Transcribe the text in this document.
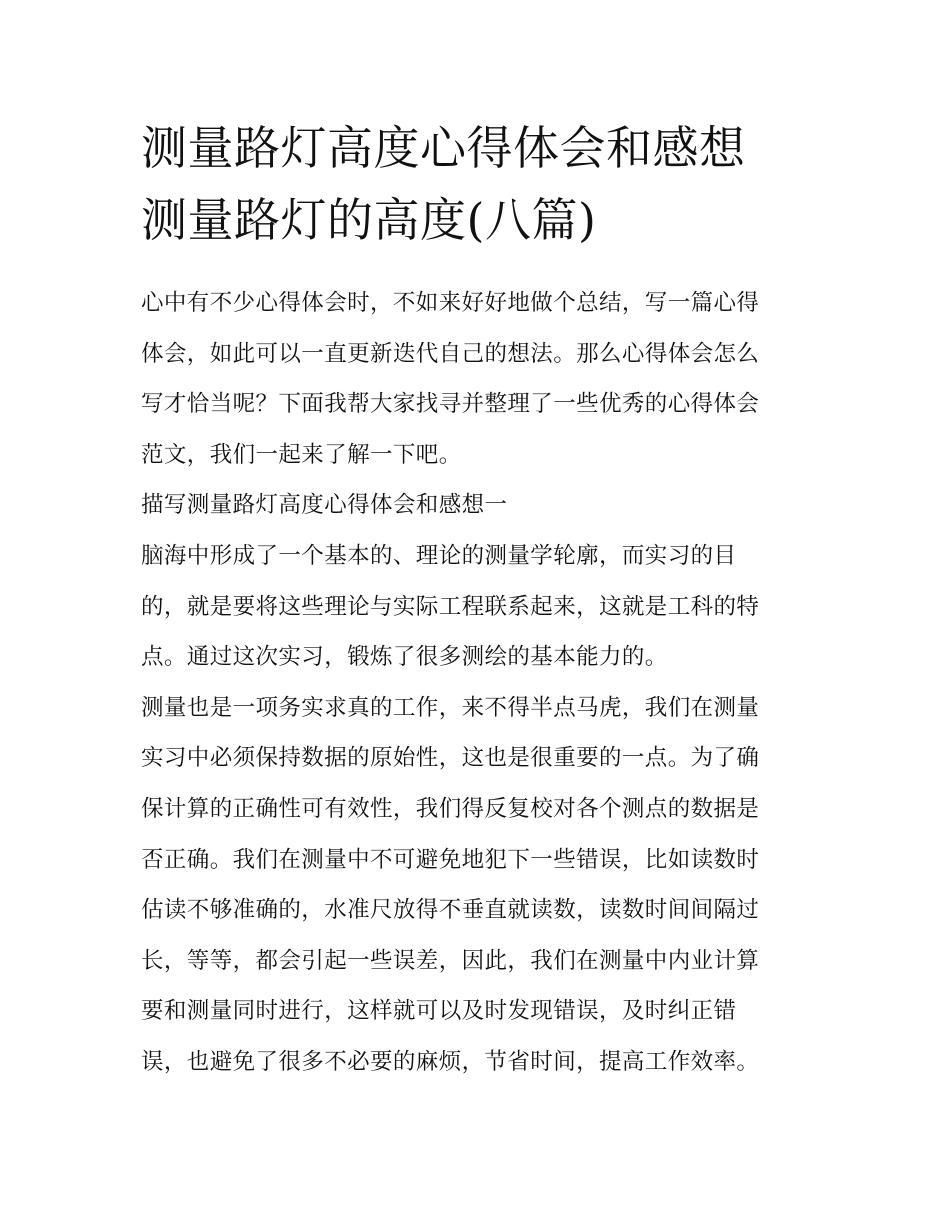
测量路灯高度心得体会和感想
测量路灯的高度(八篇)

心中有不少心得体会时，不如来好好地做个总结，写一篇心得
体会，如此可以一直更新迭代自己的想法。那么心得体会怎么
写才恰当呢？下面我帮大家找寻并整理了一些优秀的心得体会
范文，我们一起来了解一下吧。

描写测量路灯高度心得体会和感想一

脑海中形成了一个基本的、理论的测量学轮廓，而实习的目
的，就是要将这些理论与实际工程联系起来，这就是工科的特
点。通过这次实习，锻炼了很多测绘的基本能力的。

测量也是一项务实求真的工作，来不得半点马虎，我们在测量
实习中必须保持数据的原始性，这也是很重要的一点。为了确
保计算的正确性可有效性，我们得反复校对各个测点的数据是
否正确。我们在测量中不可避免地犯下一些错误，比如读数时
估读不够准确的，水准尺放得不垂直就读数，读数时间间隔过
长，等等，都会引起一些误差，因此，我们在测量中内业计算
要和测量同时进行，这样就可以及时发现错误，及时纠正错
误，也避免了很多不必要的麻烦，节省时间，提高工作效率。
